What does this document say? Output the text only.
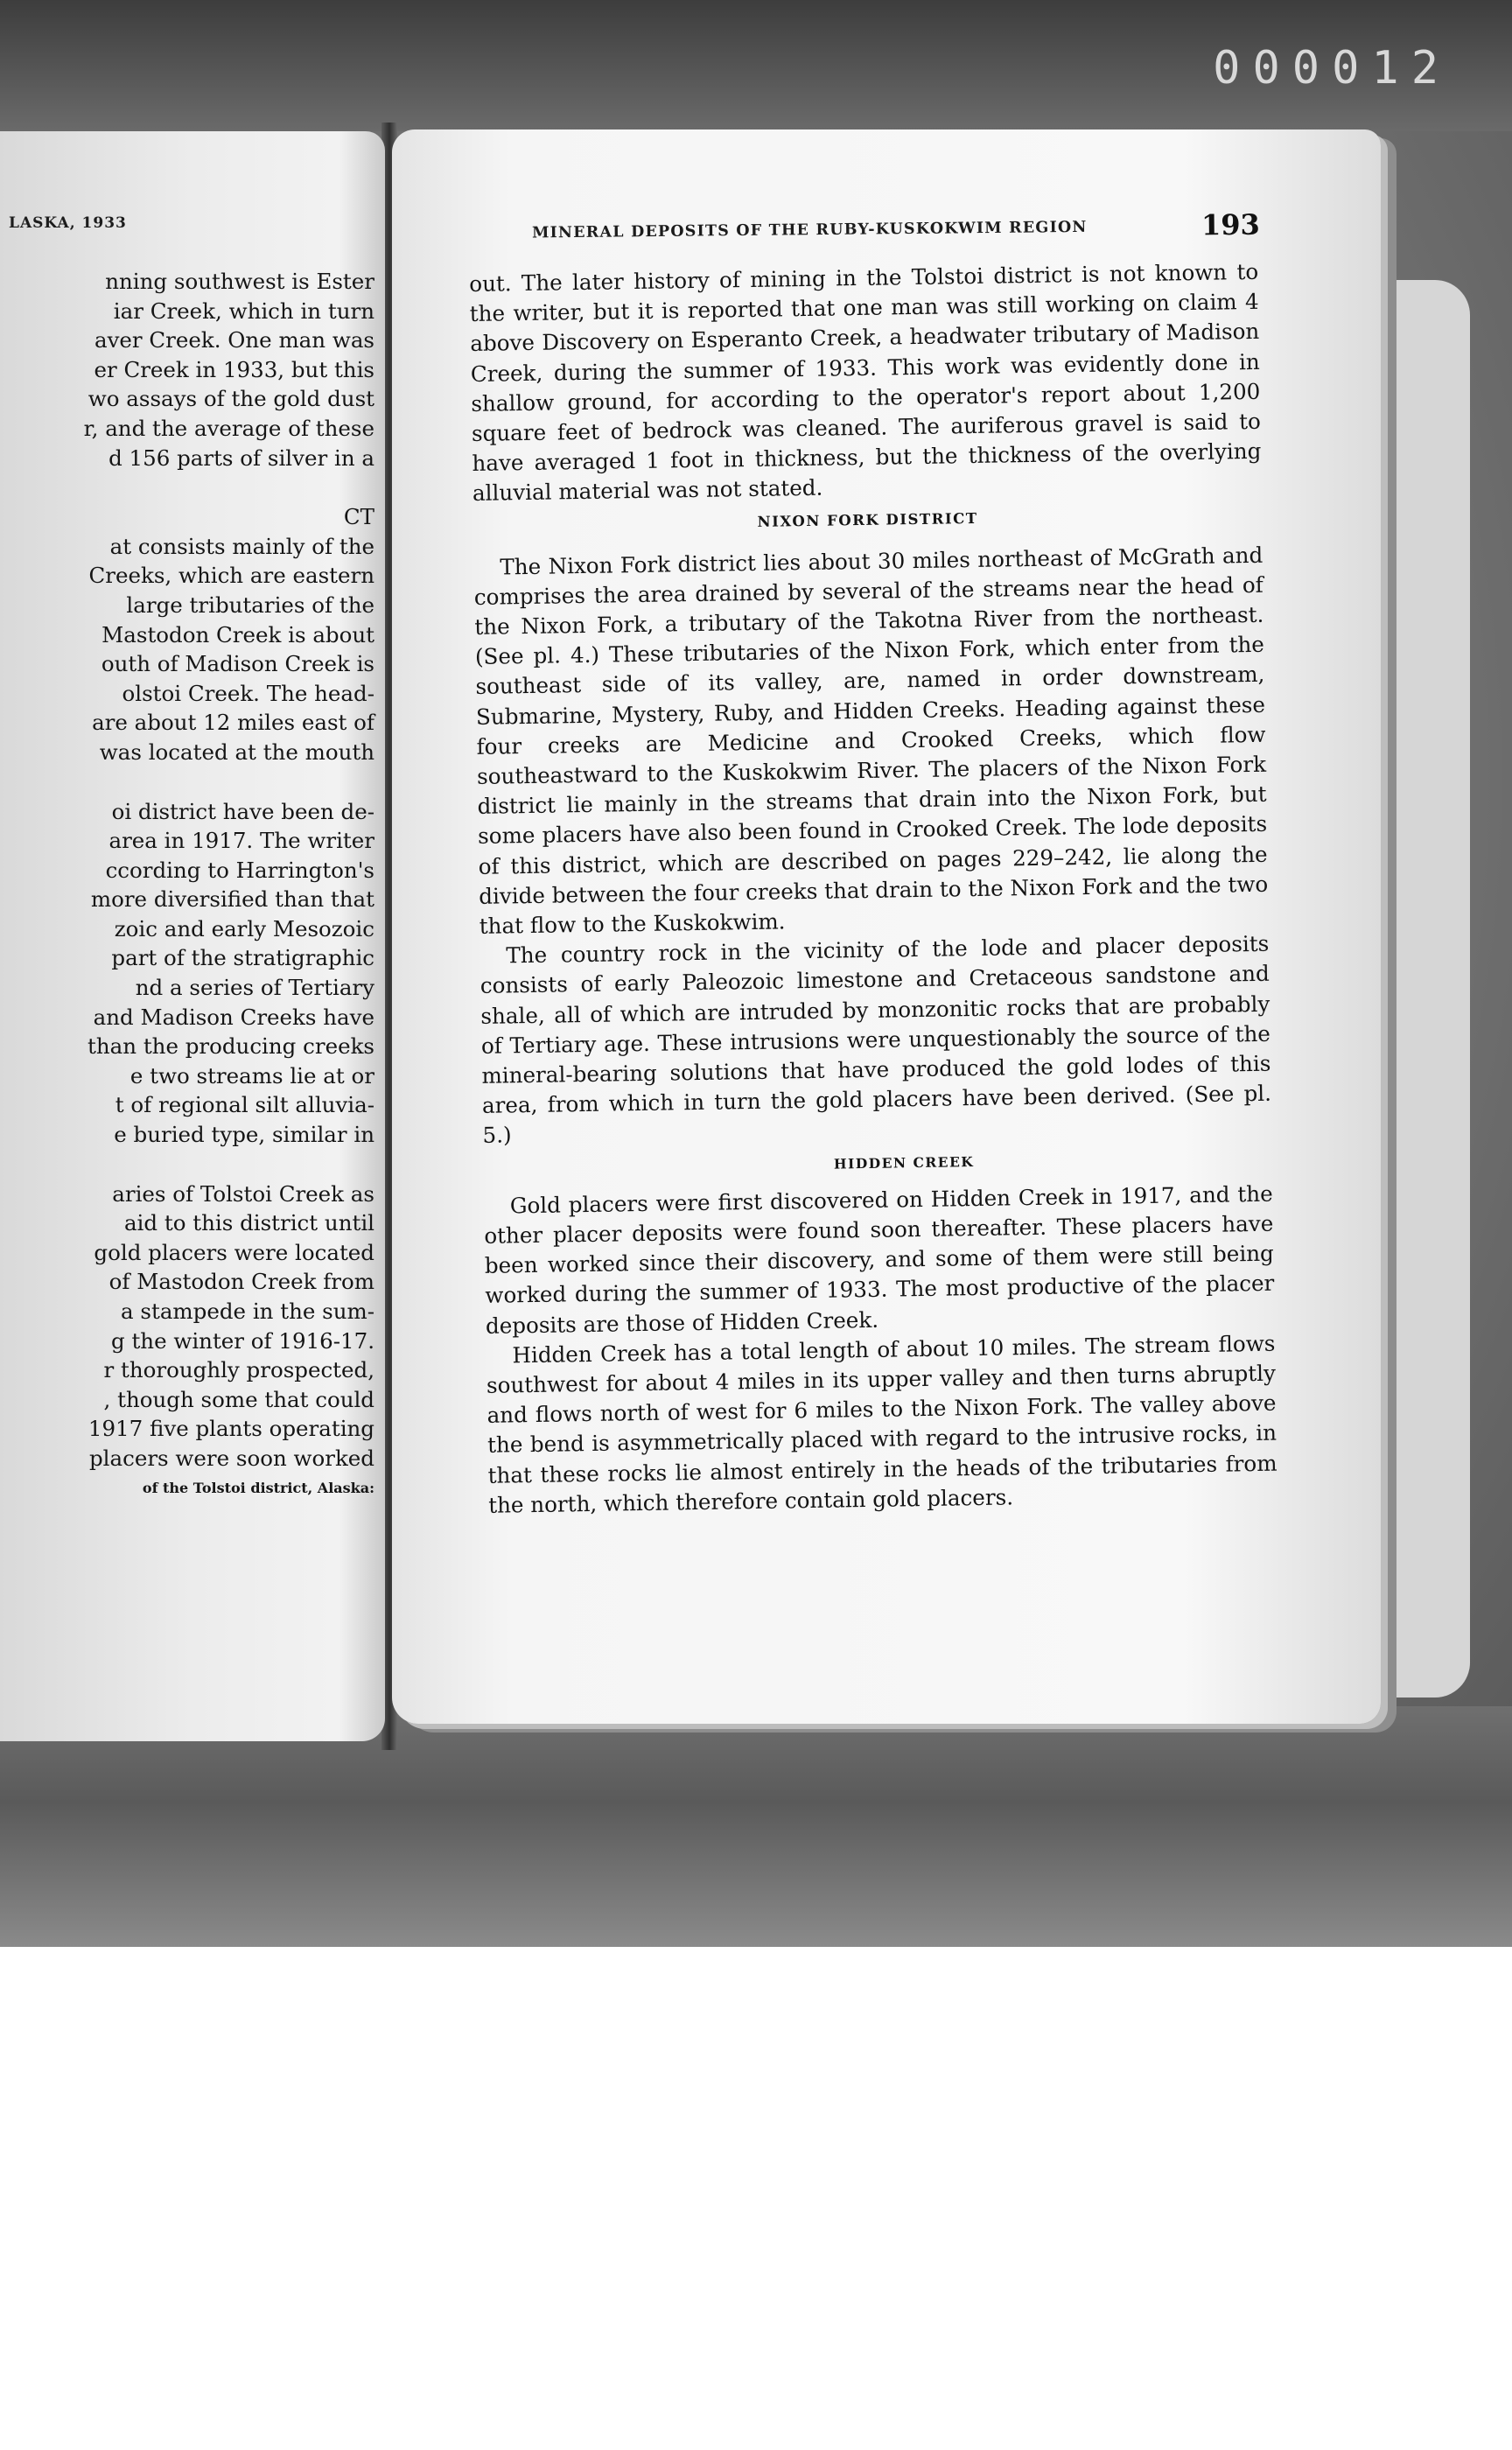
000012
LASKA, 1933
nning southwest is Ester
iar Creek, which in turn
aver Creek. One man was
er Creek in 1933, but this
wo assays of the gold dust
r, and the average of these
d 156 parts of silver in a
CT
at consists mainly of the
Creeks, which are eastern
large tributaries of the
Mastodon Creek is about
outh of Madison Creek is
olstoi Creek. The head-
are about 12 miles east of
was located at the mouth
oi district have been de-
area in 1917. The writer
ccording to Harrington's
more diversified than that
zoic and early Mesozoic
part of the stratigraphic
nd a series of Tertiary
and Madison Creeks have
than the producing creeks
e two streams lie at or
t of regional silt alluvia-
e buried type, similar in
aries of Tolstoi Creek as
aid to this district until
gold placers were located
of Mastodon Creek from
a stampede in the sum-
g the winter of 1916-17.
r thoroughly prospected,
, though some that could
1917 five plants operating
placers were soon worked
of the Tolstoi district, Alaska:
MINERAL DEPOSITS OF THE RUBY-KUSKOKWIM REGION	193

out. The later history of mining in the Tolstoi district is not known to the writer, but it is reported that one man was still working on claim 4 above Discovery on Esperanto Creek, a headwater tributary of Madison Creek, during the summer of 1933. This work was evidently done in shallow ground, for according to the operator's report about 1,200 square feet of bedrock was cleaned. The auriferous gravel is said to have averaged 1 foot in thickness, but the thickness of the overlying alluvial material was not stated.

NIXON FORK DISTRICT

The Nixon Fork district lies about 30 miles northeast of McGrath and comprises the area drained by several of the streams near the head of the Nixon Fork, a tributary of the Takotna River from the northeast. (See pl. 4.) These tributaries of the Nixon Fork, which enter from the southeast side of its valley, are, named in order downstream, Submarine, Mystery, Ruby, and Hidden Creeks. Heading against these four creeks are Medicine and Crooked Creeks, which flow southeastward to the Kuskokwim River. The placers of the Nixon Fork district lie mainly in the streams that drain into the Nixon Fork, but some placers have also been found in Crooked Creek. The lode deposits of this district, which are described on pages 229–242, lie along the divide between the four creeks that drain to the Nixon Fork and the two that flow to the Kuskokwim.

The country rock in the vicinity of the lode and placer deposits consists of early Paleozoic limestone and Cretaceous sandstone and shale, all of which are intruded by monzonitic rocks that are probably of Tertiary age. These intrusions were unquestionably the source of the mineral-bearing solutions that have produced the gold lodes of this area, from which in turn the gold placers have been derived. (See pl. 5.)

HIDDEN CREEK

Gold placers were first discovered on Hidden Creek in 1917, and the other placer deposits were found soon thereafter. These placers have been worked since their discovery, and some of them were still being worked during the summer of 1933. The most productive of the placer deposits are those of Hidden Creek.

Hidden Creek has a total length of about 10 miles. The stream flows southwest for about 4 miles in its upper valley and then turns abruptly and flows north of west for 6 miles to the Nixon Fork. The valley above the bend is asymmetrically placed with regard to the intrusive rocks, in that these rocks lie almost entirely in the heads of the tributaries from the north, which therefore contain gold placers.
